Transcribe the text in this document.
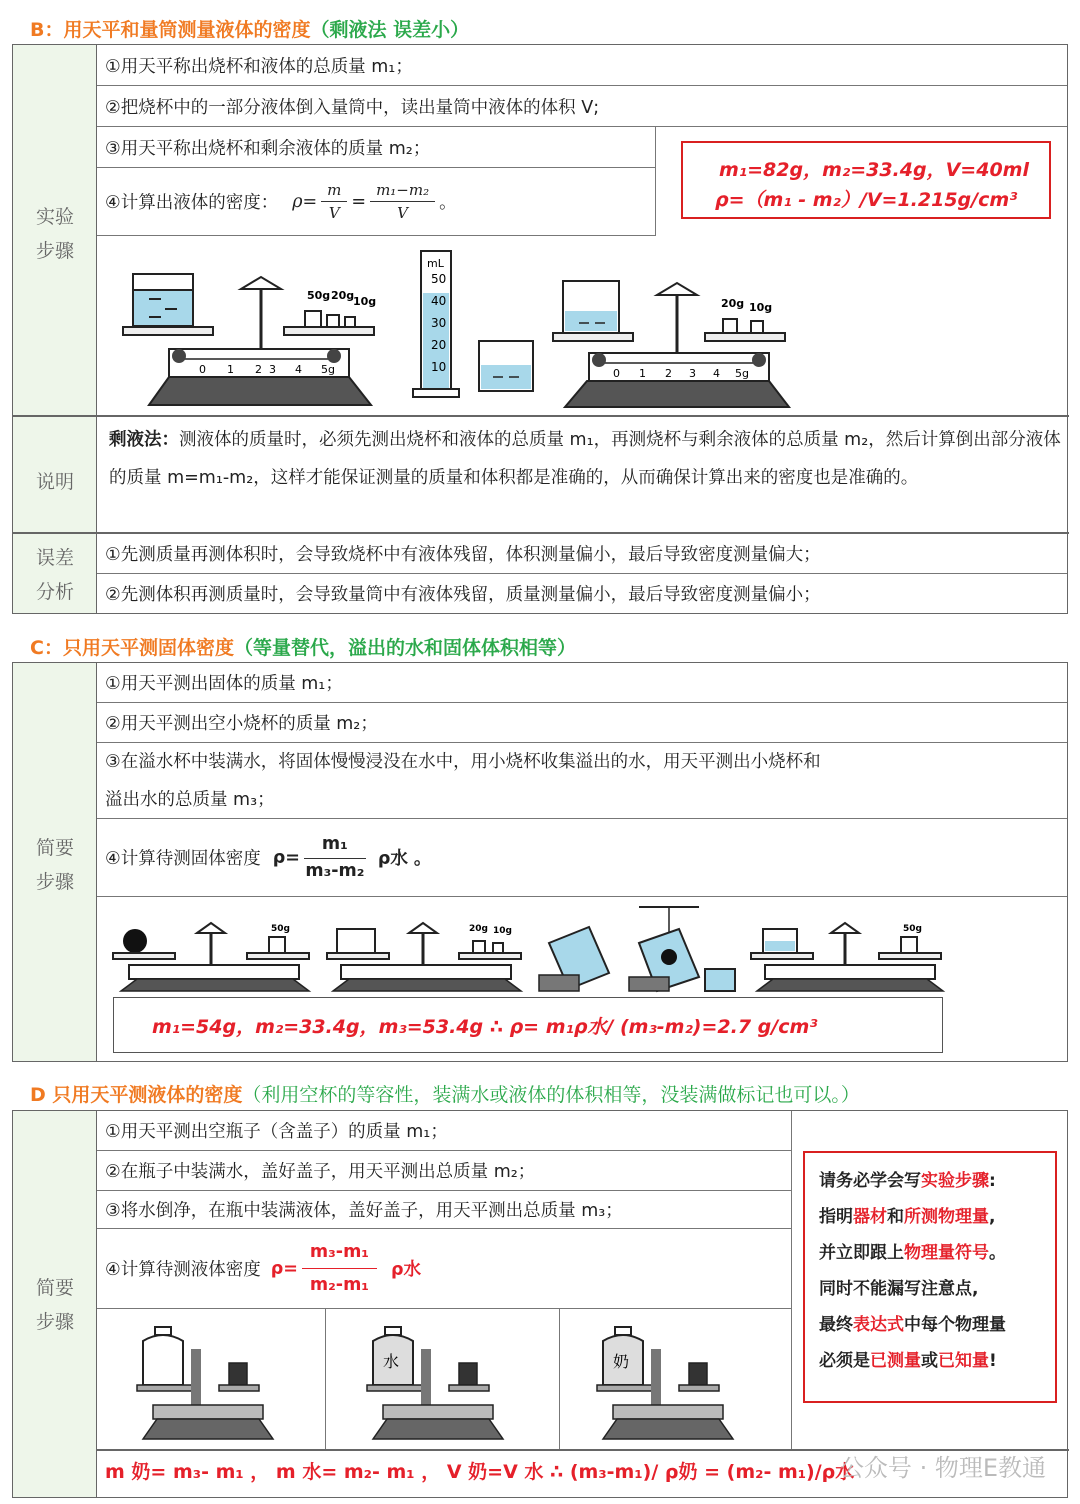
B：用天平和量筒测量液体的密度（剩液法 误差小）
实验
步骤
说明
误差
分析
①用天平称出烧杯和液体的总质量 m₁；
②把烧杯中的一部分液体倒入量筒中，读出量筒中液体的体积 V;
③用天平称出烧杯和剩余液体的质量 m₂；
④计算出液体的密度： $\rho= \frac{m}{V} = \frac{\text{m₁−m₂}}{V}$ 。
m₁=82g，m₂=33.4g，V=40ml
ρ=（m₁ - m₂）/V=1.215g/cm³
50g 20g
10g
0 1 2 3 4 5g
mL
50
40
30
20
10
20g 10g
0 1 2 3 4 5g
剩液法：测液体的质量时，必须先测出烧杯和液体的总质量 m₁，再测烧杯与剩余液体的总质量 m₂，然后计算倒出部分液体的质量 m=m₁-m₂，这样才能保证测量的质量和体积都是准确的，从而确保计算出来的密度也是准确的。
①先测质量再测体积时，会导致烧杯中有液体残留，体积测量偏小，最后导致密度测量偏大；
②先测体积再测质量时，会导致量筒中有液体残留，质量测量偏小，最后导致密度测量偏小；
C：只用天平测固体密度（等量替代，溢出的水和固体体积相等）
简要
步骤
①用天平测出固体的质量 m₁；
②用天平测出空小烧杯的质量 m₂；
③在溢水杯中装满水，将固体慢慢浸没在水中，用小烧杯收集溢出的水，用天平测出小烧杯和
溢出水的总质量 m₃；
④计算待测固体密度 $\rho= \frac{\text{m₁}}{\text{m₃-m₂}}$ ρ水 。
50g	20g 10g	50g
m₁=54g，m₂=33.4g，m₃=53.4g ∴ ρ= m₁ρ水/ (m₃-m₂)=2.7 g/cm³
D 只用天平测液体的密度（利用空杯的等容性，装满水或液体的体积相等，没装满做标记也可以。）
简要
步骤
①用天平测出空瓶子（含盖子）的质量 m₁；
②在瓶子中装满水，盖好盖子，用天平测出总质量 m₂；
③将水倒净，在瓶中装满液体，盖好盖子，用天平测出总质量 m₃；
④计算待测液体密度 $\rho= \frac{\text{m₃-m₁}}{\text{m₂-m₁}}$ ρ水
水	奶
请务必学会写实验步骤:
指明器材和所测物理量,
并立即跟上物理量符号。
同时不能漏写注意点,
最终表达式中每个物理量
必须是已测量或已知量!
m 奶= m₃- m₁ ， m 水= m₂- m₁ ， V 奶=V 水 ∴ (m₃-m₁)/ ρ奶 = (m₂- m₁)/ρ水
公众号 · 物理E教通
